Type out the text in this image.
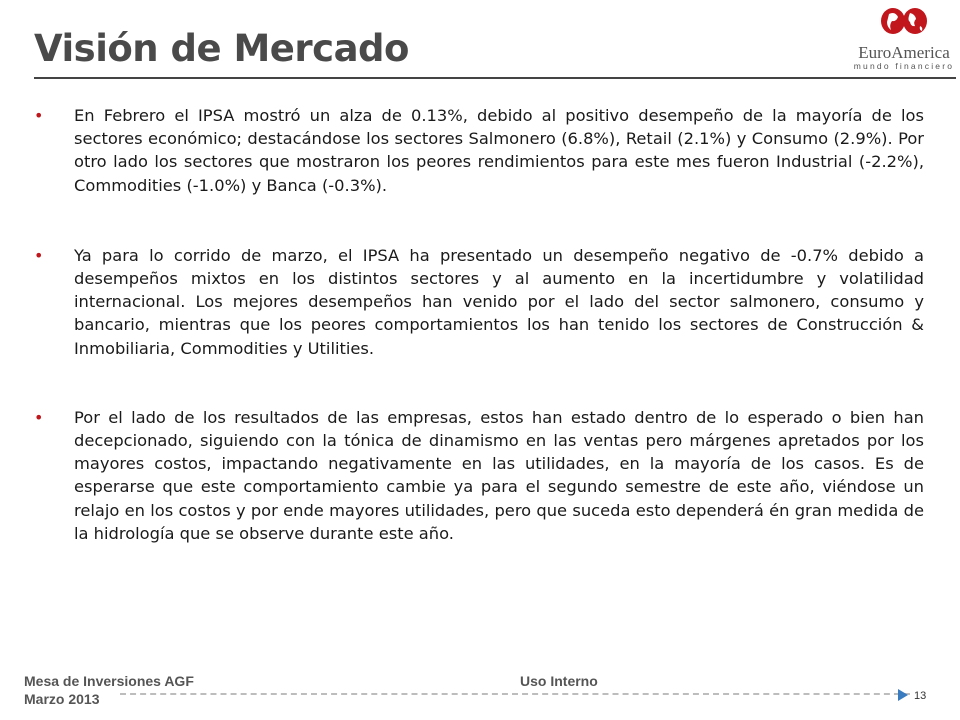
Visión de Mercado	EuroAmerica
mundo financiero
• En Febrero el IPSA mostró un alza de 0.13%, debido al positivo desempeño de la mayoría de los sectores económico; destacándose los sectores Salmonero (6.8%), Retail (2.1%) y Consumo (2.9%). Por otro lado los sectores que mostraron los peores rendimientos para este mes fueron Industrial (-2.2%), Commodities (-1.0%) y Banca (-0.3%).
• Ya para lo corrido de marzo, el IPSA ha presentado un desempeño negativo de -0.7% debido a desempeños mixtos en los distintos sectores y al aumento en la incertidumbre y volatilidad internacional. Los mejores desempeños han venido por el lado del sector salmonero, consumo y bancario, mientras que los peores comportamientos los han tenido los sectores de Construcción & Inmobiliaria, Commodities y Utilities.
• Por el lado de los resultados de las empresas, estos han estado dentro de lo esperado o bien han decepcionado, siguiendo con la tónica de dinamismo en las ventas pero márgenes apretados por los mayores costos, impactando negativamente en las utilidades, en la mayoría de los casos. Es de esperarse que este comportamiento cambie ya para el segundo semestre de este año, viéndose un relajo en los costos y por ende mayores utilidades, pero que suceda esto dependerá én gran medida de la hidrología que se observe durante este año.
Mesa de Inversiones AGF
Marzo 2013
Uso Interno
13
